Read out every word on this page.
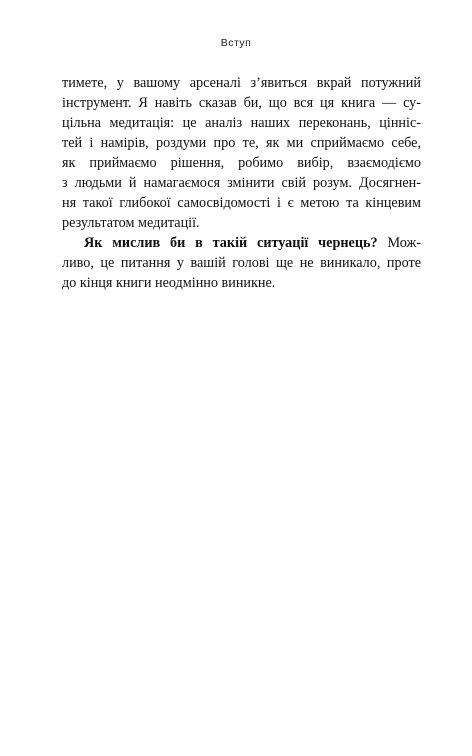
Вступ
тимете, у вашому арсеналі з’явиться вкрай потужний
інструмент. Я навіть сказав би, що вся ця книга — су-
цільна медитація: це аналіз наших переконань, цінніс-
тей і намірів, роздуми про те, як ми сприймаємо себе,
як приймаємо рішення, робимо вибір, взаємодіємо
з людьми й намагаємося змінити свій розум. Досягнен-
ня такої глибокої самосвідомості і є метою та кінцевим
результатом медитації.
Як мислив би в такій ситуації чернець? Мож-
ливо, це питання у вашій голові ще не виникало, проте
до кінця книги неодмінно виникне.
